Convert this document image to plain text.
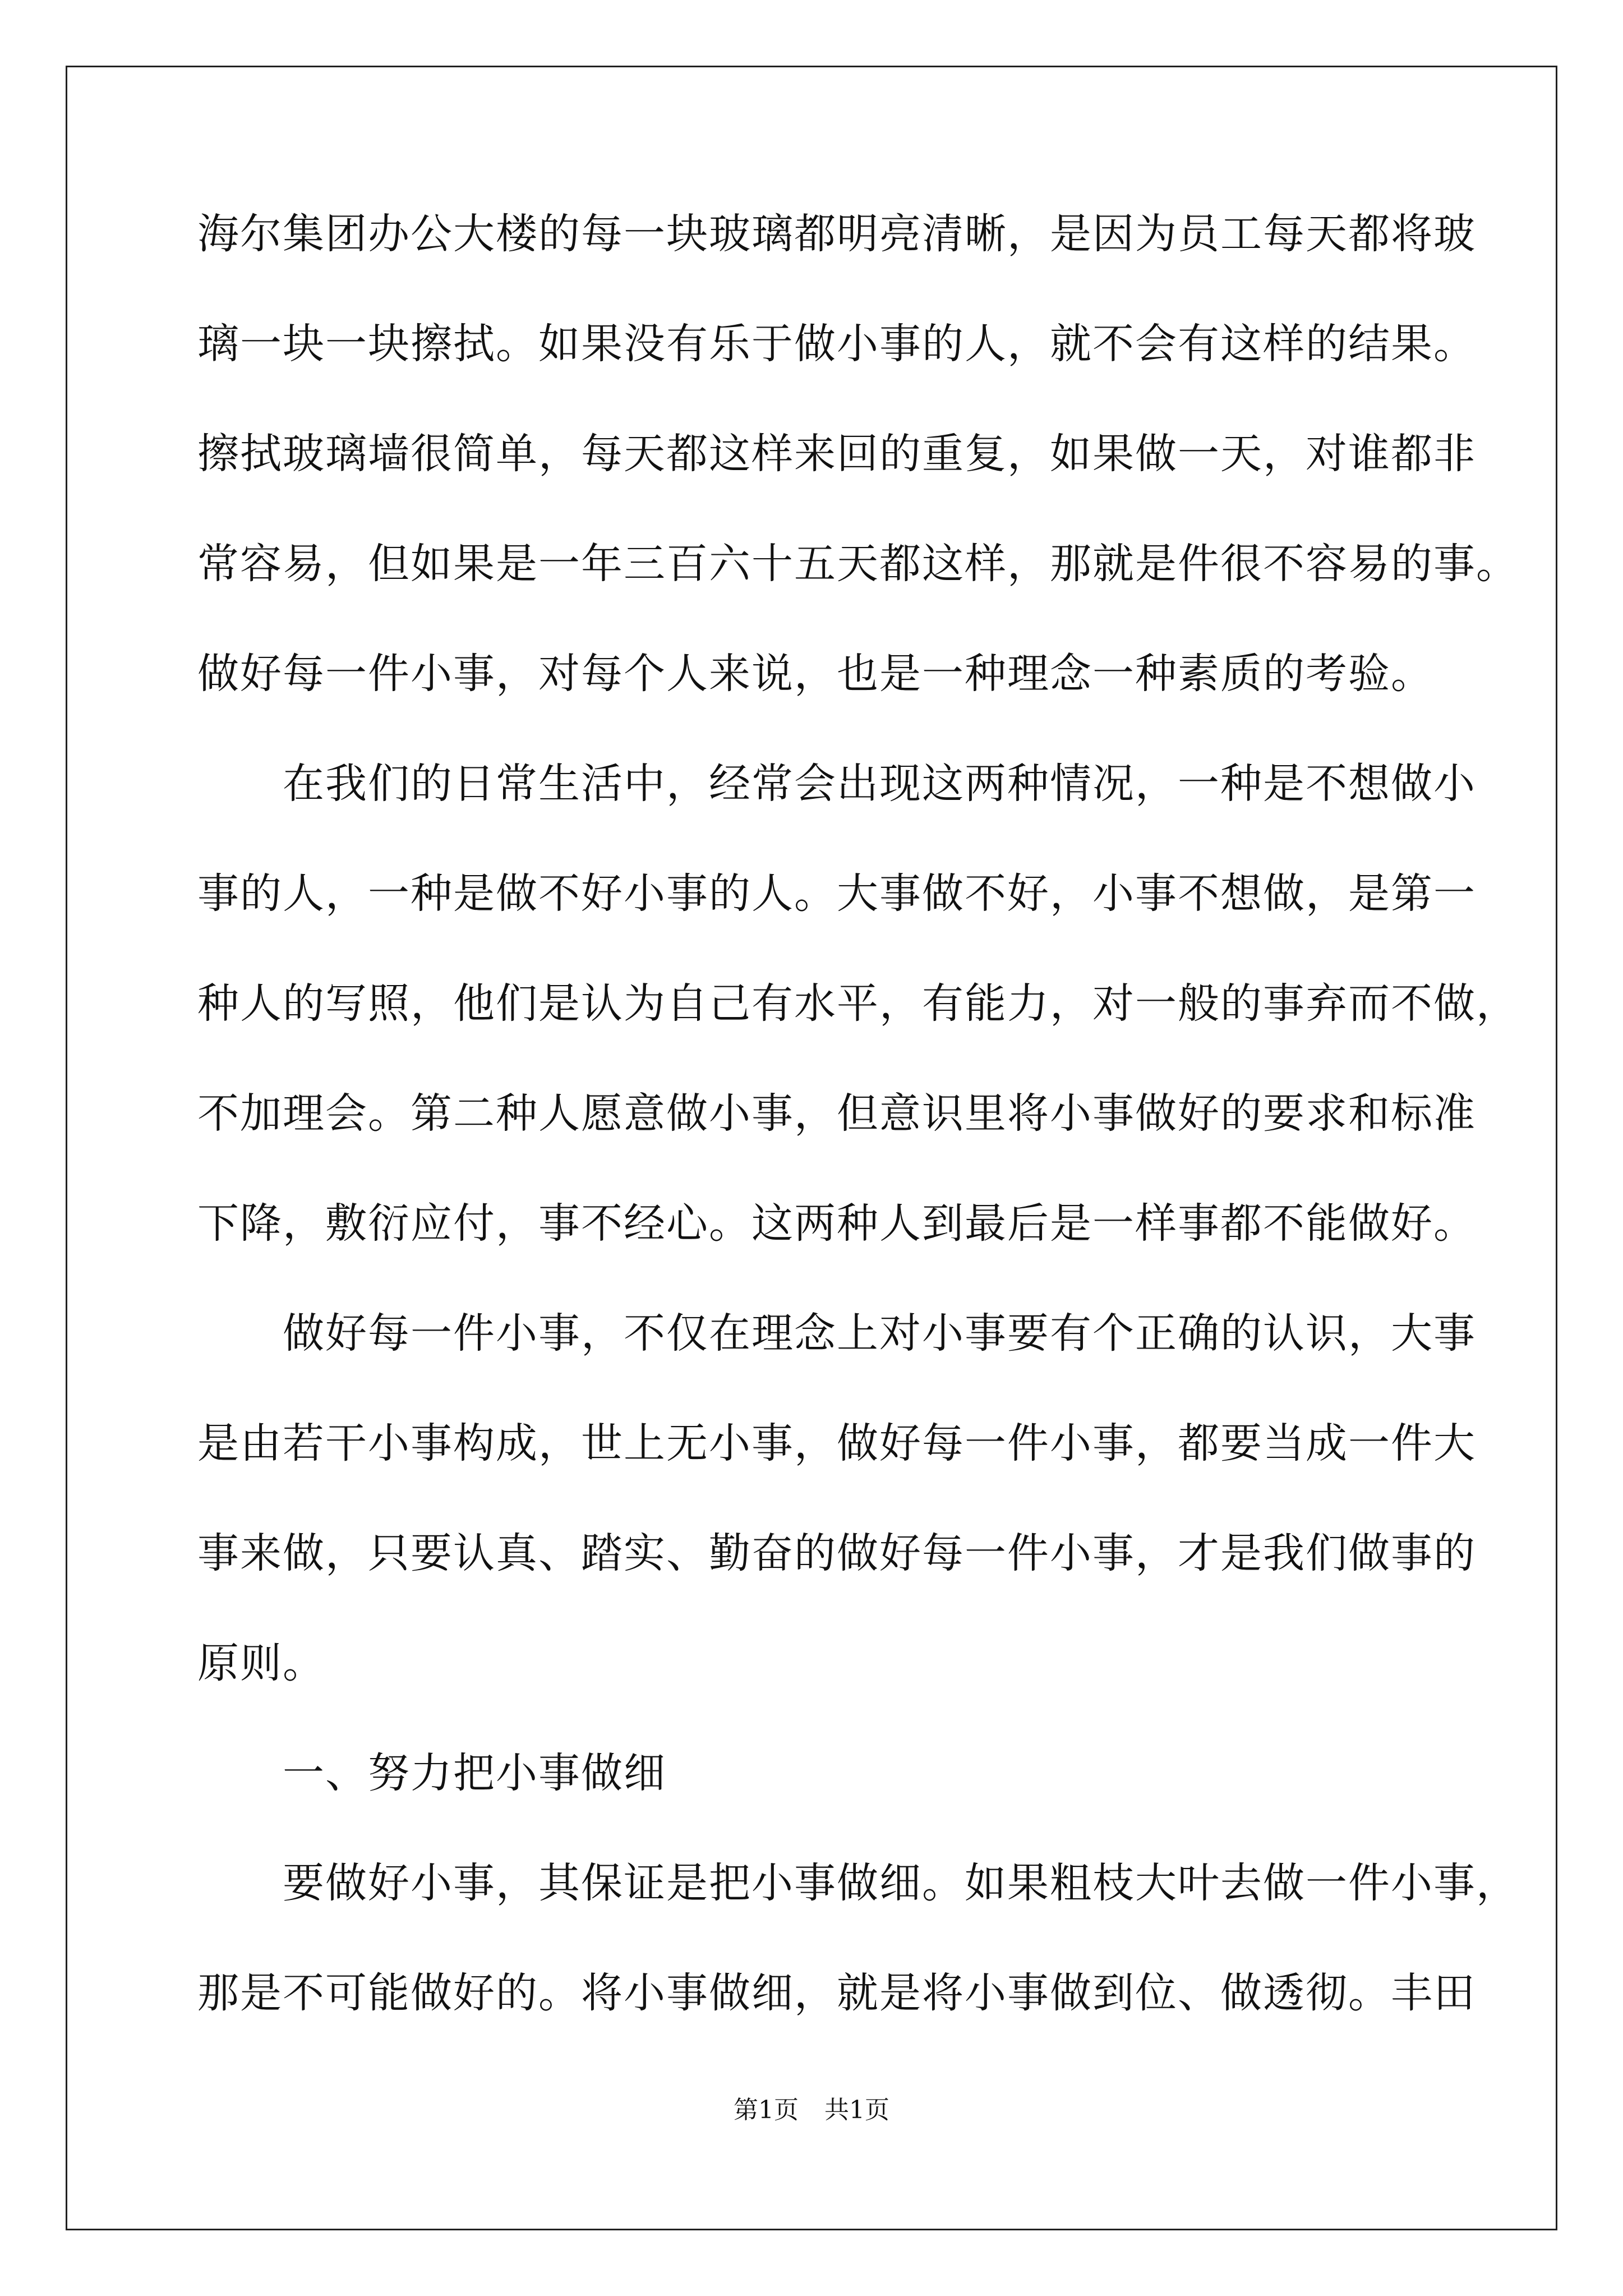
海尔集团办公大楼的每一块玻璃都明亮清晰，是因为员工每天都将玻
璃一块一块擦拭。如果没有乐于做小事的人，就不会有这样的结果。
擦拭玻璃墙很简单，每天都这样来回的重复，如果做一天，对谁都非
常容易，但如果是一年三百六十五天都这样，那就是件很不容易的事。
做好每一件小事，对每个人来说，也是一种理念一种素质的考验。
　　在我们的日常生活中，经常会出现这两种情况，一种是不想做小
事的人，一种是做不好小事的人。大事做不好，小事不想做，是第一
种人的写照，他们是认为自己有水平，有能力，对一般的事弃而不做，
不加理会。第二种人愿意做小事，但意识里将小事做好的要求和标准
下降，敷衍应付，事不经心。这两种人到最后是一样事都不能做好。
　　做好每一件小事，不仅在理念上对小事要有个正确的认识，大事
是由若干小事构成，世上无小事，做好每一件小事，都要当成一件大
事来做，只要认真、踏实、勤奋的做好每一件小事，才是我们做事的
原则。
　　一、努力把小事做细
　　要做好小事，其保证是把小事做细。如果粗枝大叶去做一件小事，
那是不可能做好的。将小事做细，就是将小事做到位、做透彻。丰田
第1页 共1页
